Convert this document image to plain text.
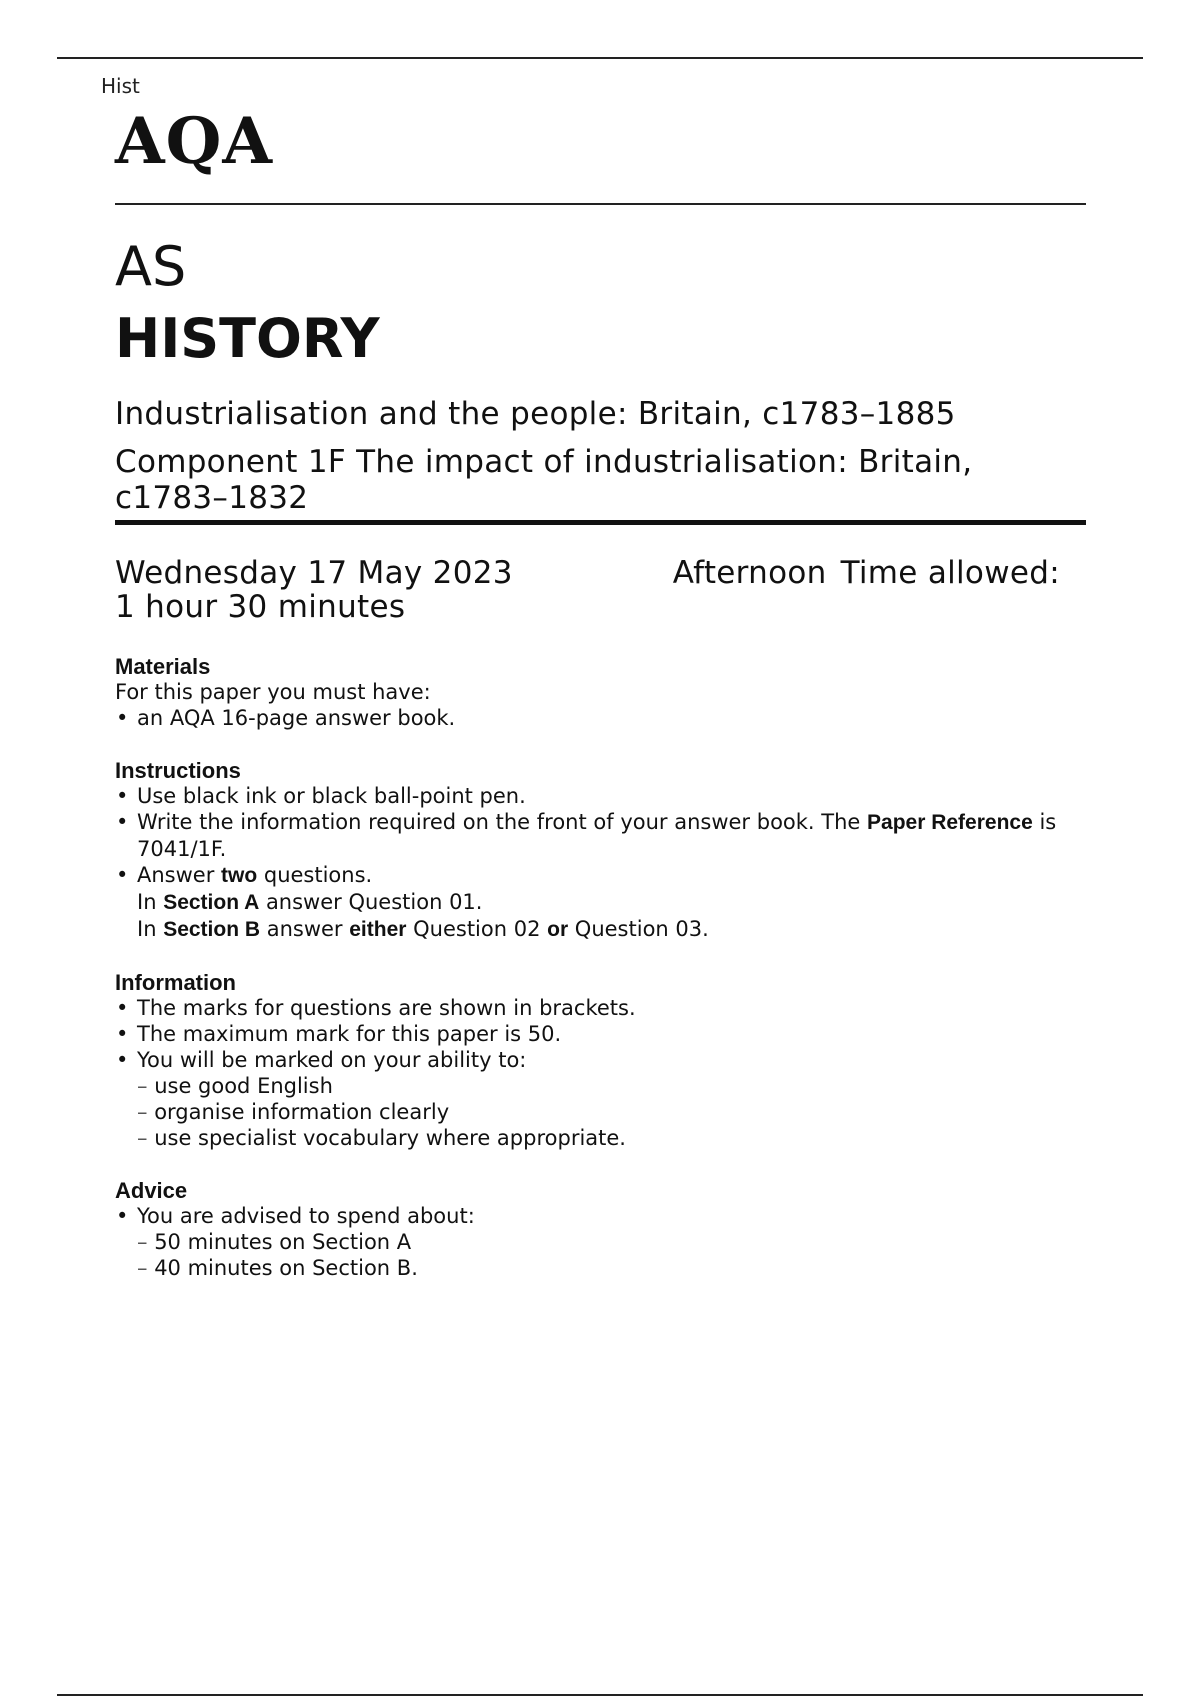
Hist
AQA
AS
HISTORY
Industrialisation and the people: Britain, c1783–1885
Component 1F The impact of industrialisation: Britain, c1783–1832
Wednesday 17 May 2023	Afternoon Time allowed: 1 hour 30 minutes
Materials
For this paper you must have:
• an AQA 16-page answer book.
Instructions
• Use black ink or black ball-point pen.
• Write the information required on the front of your answer book. The Paper Reference is 7041/1F.
• Answer two questions.
In Section A answer Question 01.
In Section B answer either Question 02 or Question 03.
Information
• The marks for questions are shown in brackets.
• The maximum mark for this paper is 50.
• You will be marked on your ability to:
– use good English
– organise information clearly
– use specialist vocabulary where appropriate.
Advice
• You are advised to spend about:
– 50 minutes on Section A
– 40 minutes on Section B.
